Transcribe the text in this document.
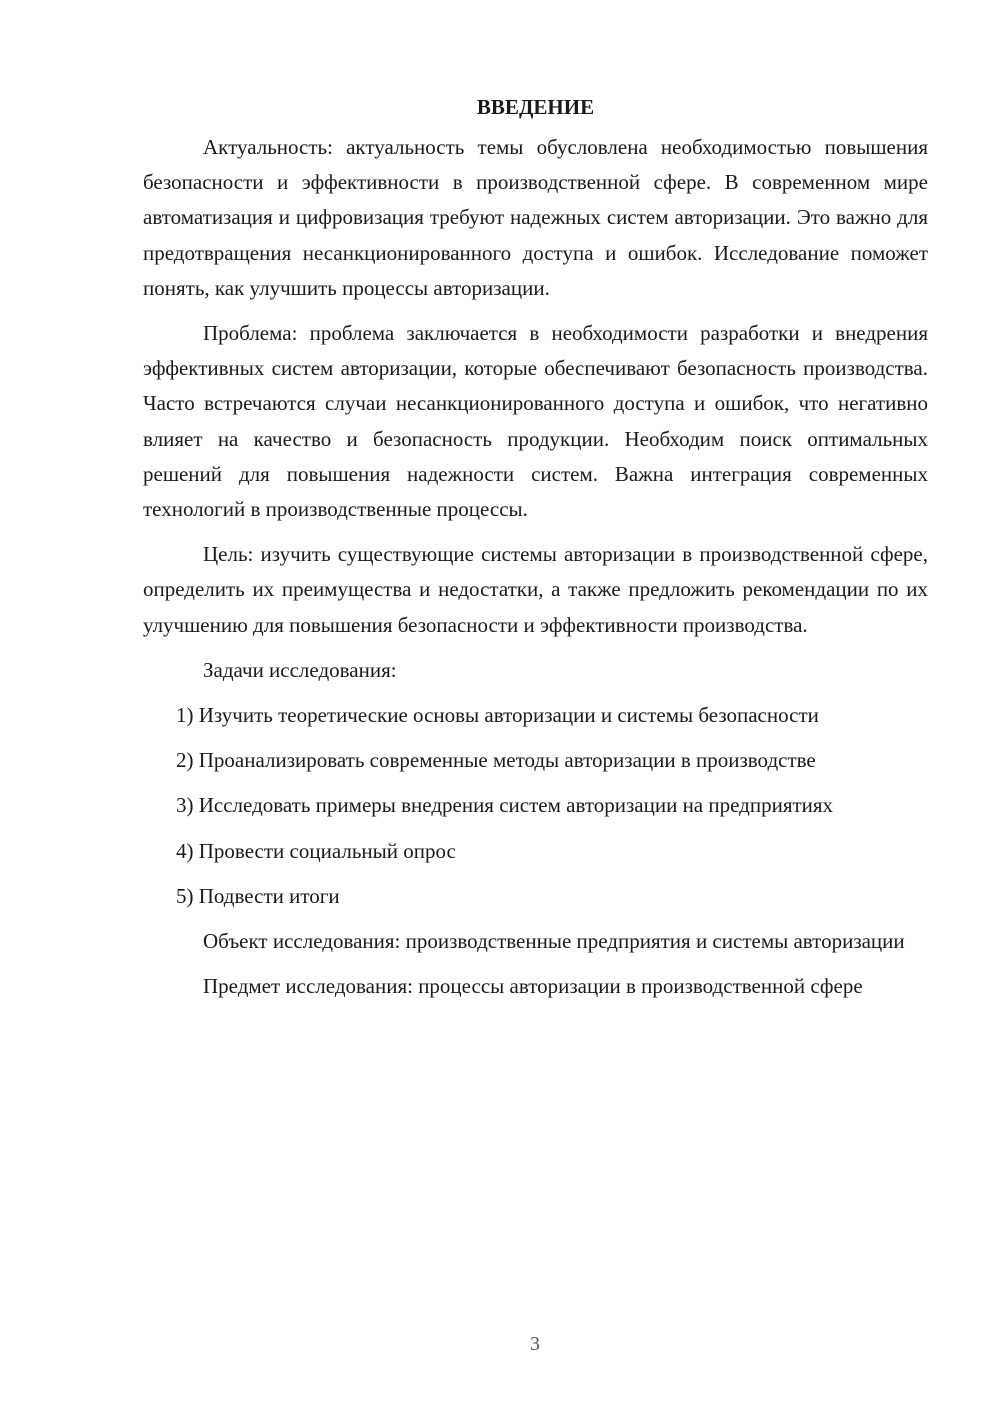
ВВЕДЕНИЕ

Актуальность: актуальность темы обусловлена необходимостью повышения безопасности и эффективности в производственной сфере. В современном мире автоматизация и цифровизация требуют надежных систем авторизации. Это важно для предотвращения несанкционированного доступа и ошибок. Исследование поможет понять, как улучшить процессы авторизации.

Проблема: проблема заключается в необходимости разработки и внедрения эффективных систем авторизации, которые обеспечивают безопасность производства. Часто встречаются случаи несанкционированного доступа и ошибок, что негативно влияет на качество и безопасность продукции. Необходим поиск оптимальных решений для повышения надежности систем. Важна интеграция современных технологий в производственные процессы.

Цель: изучить существующие системы авторизации в производственной сфере, определить их преимущества и недостатки, а также предложить рекомендации по их улучшению для повышения безопасности и эффективности производства.

Задачи исследования:

1) Изучить теоретические основы авторизации и системы безопасности

2) Проанализировать современные методы авторизации в производстве

3) Исследовать примеры внедрения систем авторизации на предприятиях

4) Провести социальный опрос

5) Подвести итоги

Объект исследования: производственные предприятия и системы авторизации

Предмет исследования: процессы авторизации в производственной сфере

3
